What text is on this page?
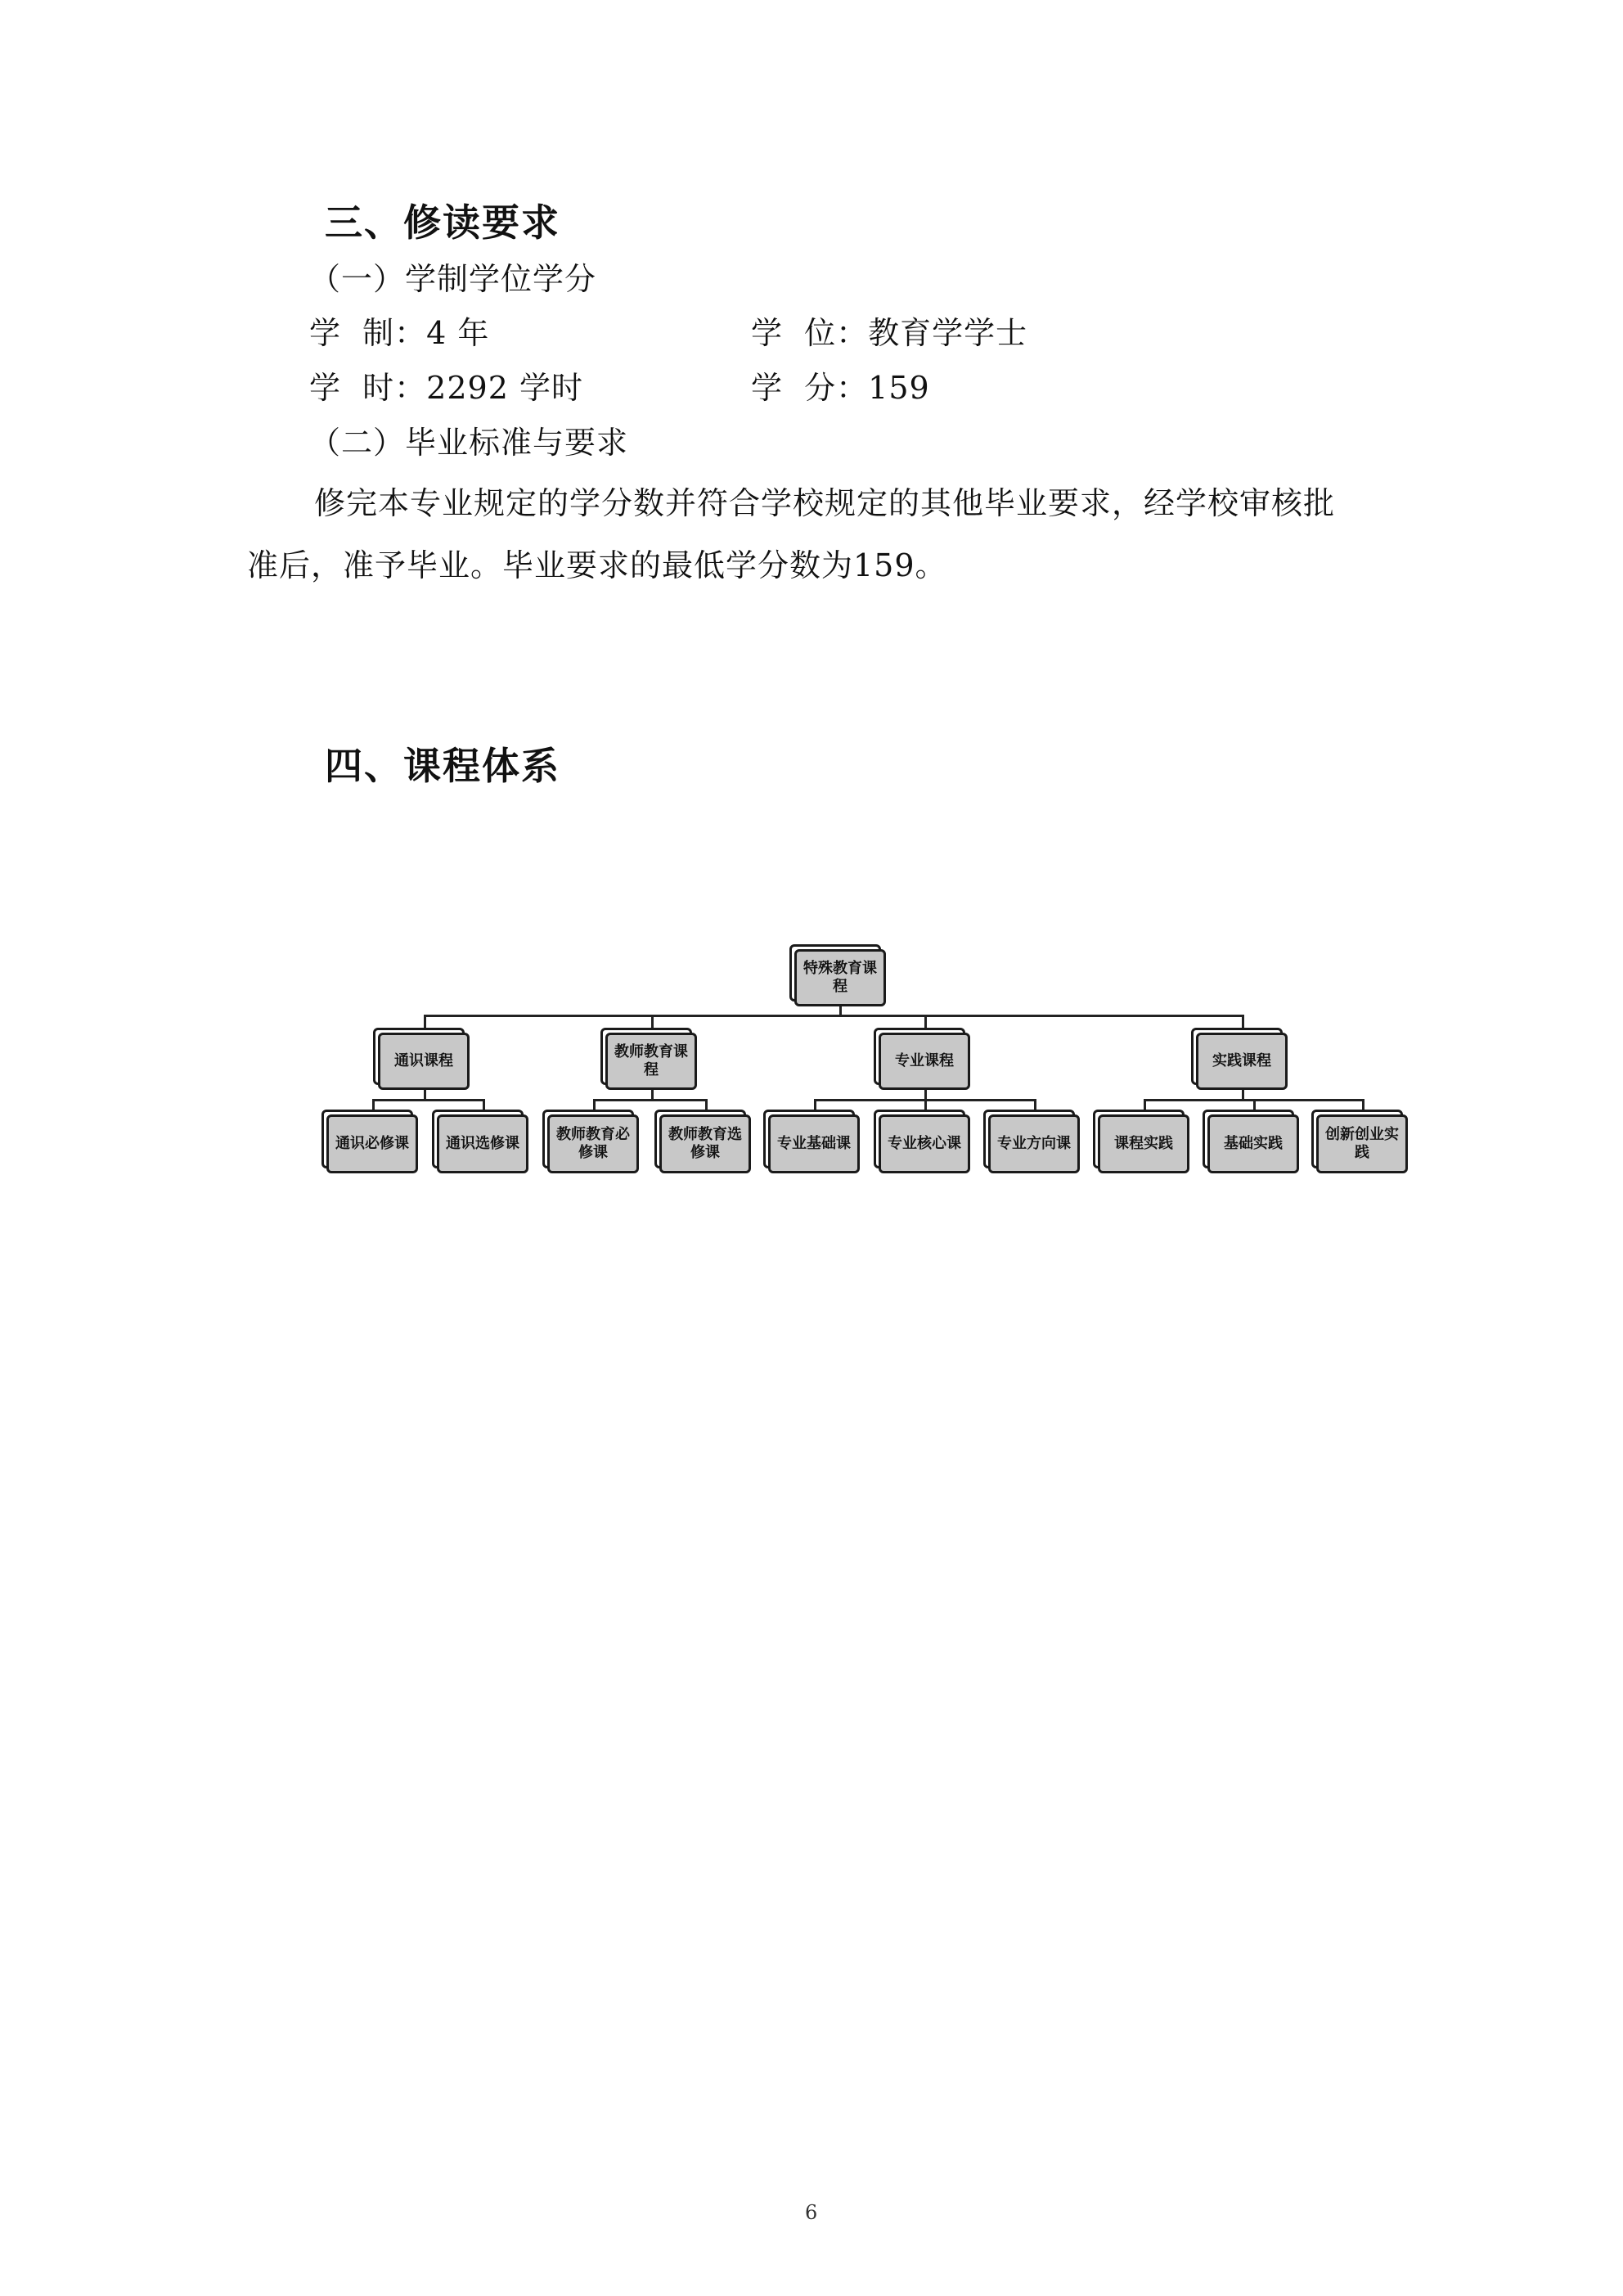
三、修读要求
（一）学制学位学分
学  制：4 年	学  位：教育学学士
学  时：2292 学时	学  分：159
（二）毕业标准与要求
修完本专业规定的学分数并符合学校规定的其他毕业要求，经学校审核批
准后，准予毕业。毕业要求的最低学分数为159。
四、课程体系
特殊教育课程
通识课程
通识必修课	通识选修课
教师教育课程
教师教育必修课
教师教育选修课
专业课程
专业基础课	专业核心课	专业方向课
实践课程
课程实践	基础实践
创新创业实践
6
